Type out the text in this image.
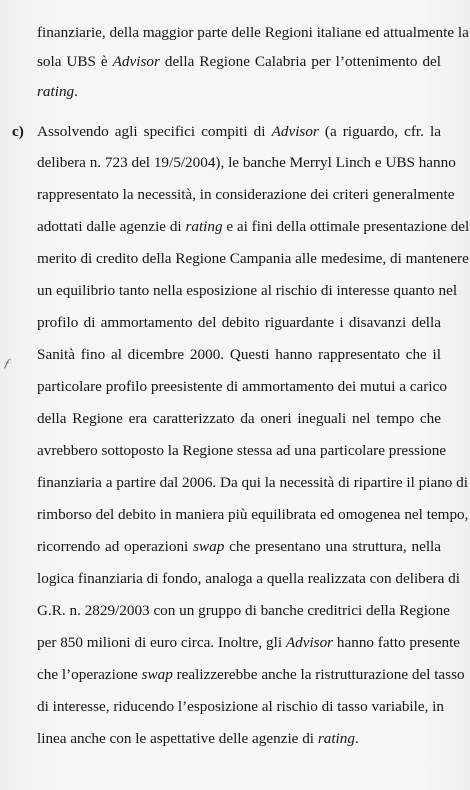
finanziarie, della maggior parte delle Regioni italiane ed attualmente la
sola UBS è Advisor della Regione Calabria per l’ottenimento del
rating.
c) Assolvendo agli specifici compiti di Advisor (a riguardo, cfr. la
delibera n. 723 del 19/5/2004), le banche Merryl Linch e UBS hanno
rappresentato la necessità, in considerazione dei criteri generalmente
adottati dalle agenzie di rating e ai fini della ottimale presentazione del
merito di credito della Regione Campania alle medesime, di mantenere
un equilibrio tanto nella esposizione al rischio di interesse quanto nel
profilo di ammortamento del debito riguardante i disavanzi della
Sanità fino al dicembre 2000. Questi hanno rappresentato che il
particolare profilo preesistente di ammortamento dei mutui a carico
della Regione era caratterizzato da oneri ineguali nel tempo che
avrebbero sottoposto la Regione stessa ad una particolare pressione
finanziaria a partire dal 2006. Da qui la necessità di ripartire il piano di
rimborso del debito in maniera più equilibrata ed omogenea nel tempo,
ricorrendo ad operazioni swap che presentano una struttura, nella
logica finanziaria di fondo, analoga a quella realizzata con delibera di
G.R. n. 2829/2003 con un gruppo di banche creditrici della Regione
per 850 milioni di euro circa. Inoltre, gli Advisor hanno fatto presente
che l’operazione swap realizzerebbe anche la ristrutturazione del tasso
di interesse, riducendo l’esposizione al rischio di tasso variabile, in
linea anche con le aspettative delle agenzie di rating.
ƒ
